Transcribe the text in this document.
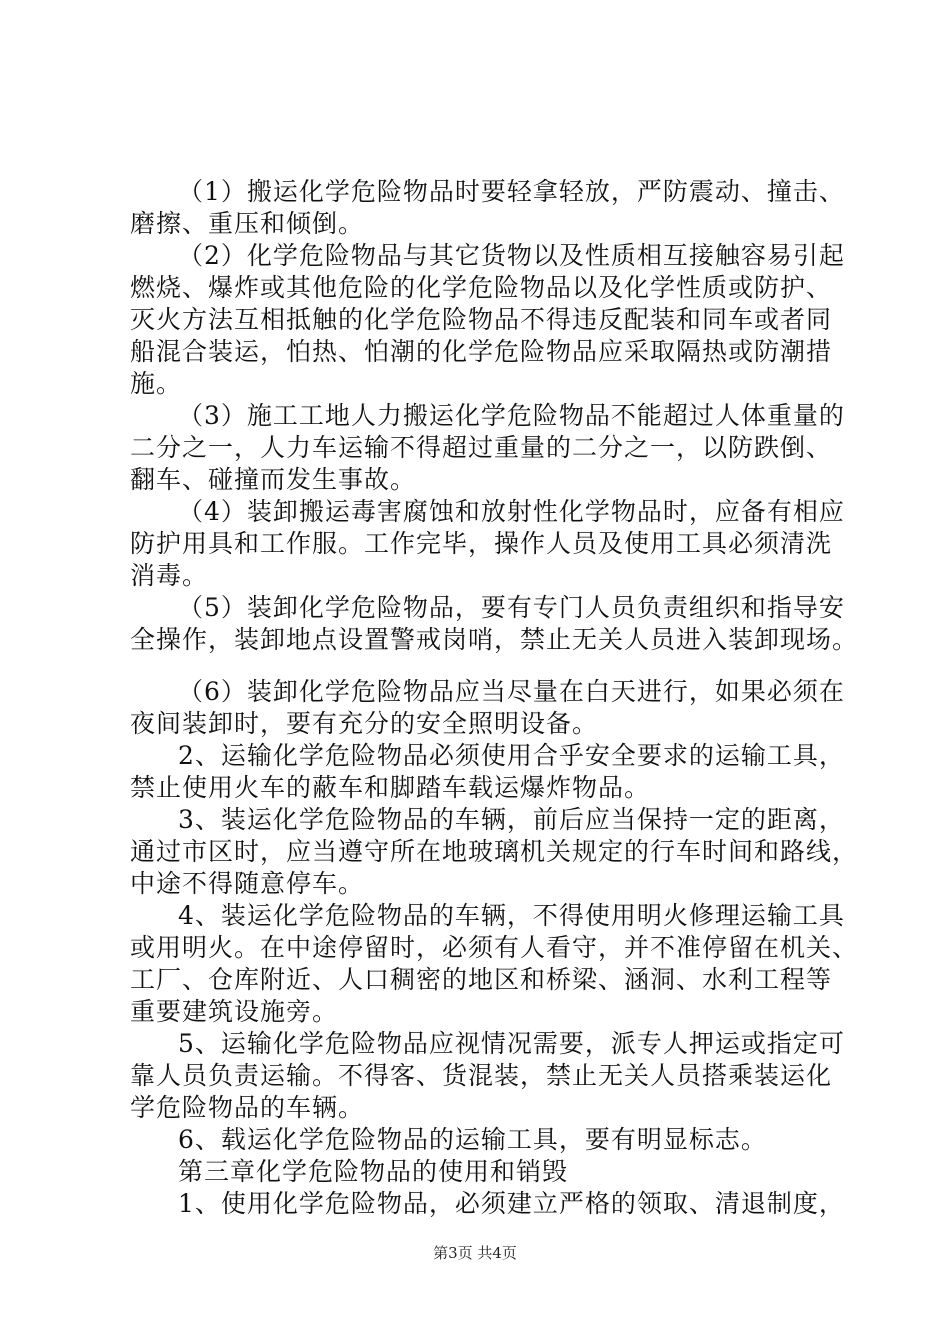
（1）搬运化学危险物品时要轻拿轻放，严防震动、撞击、
磨擦、重压和倾倒。
（2）化学危险物品与其它货物以及性质相互接触容易引起
燃烧、爆炸或其他危险的化学危险物品以及化学性质或防护、
灭火方法互相抵触的化学危险物品不得违反配装和同车或者同
船混合装运，怕热、怕潮的化学危险物品应采取隔热或防潮措
施。
（3）施工工地人力搬运化学危险物品不能超过人体重量的
二分之一，人力车运输不得超过重量的二分之一，以防跌倒、
翻车、碰撞而发生事故。
（4）装卸搬运毒害腐蚀和放射性化学物品时，应备有相应
防护用具和工作服。工作完毕，操作人员及使用工具必须清洗
消毒。
（5）装卸化学危险物品，要有专门人员负责组织和指导安
全操作，装卸地点设置警戒岗哨，禁止无关人员进入装卸现场。
（6）装卸化学危险物品应当尽量在白天进行，如果必须在
夜间装卸时，要有充分的安全照明设备。
2、运输化学危险物品必须使用合乎安全要求的运输工具，
禁止使用火车的蔽车和脚踏车载运爆炸物品。
3、装运化学危险物品的车辆，前后应当保持一定的距离，
通过市区时，应当遵守所在地玻璃机关规定的行车时间和路线，
中途不得随意停车。
4、装运化学危险物品的车辆，不得使用明火修理运输工具
或用明火。在中途停留时，必须有人看守，并不准停留在机关、
工厂、仓库附近、人口稠密的地区和桥梁、涵洞、水利工程等
重要建筑设施旁。
5、运输化学危险物品应视情况需要，派专人押运或指定可
靠人员负责运输。不得客、货混装，禁止无关人员搭乘装运化
学危险物品的车辆。
6、载运化学危险物品的运输工具，要有明显标志。
第三章化学危险物品的使用和销毁
1、使用化学危险物品，必须建立严格的领取、清退制度，
第3页 共4页
